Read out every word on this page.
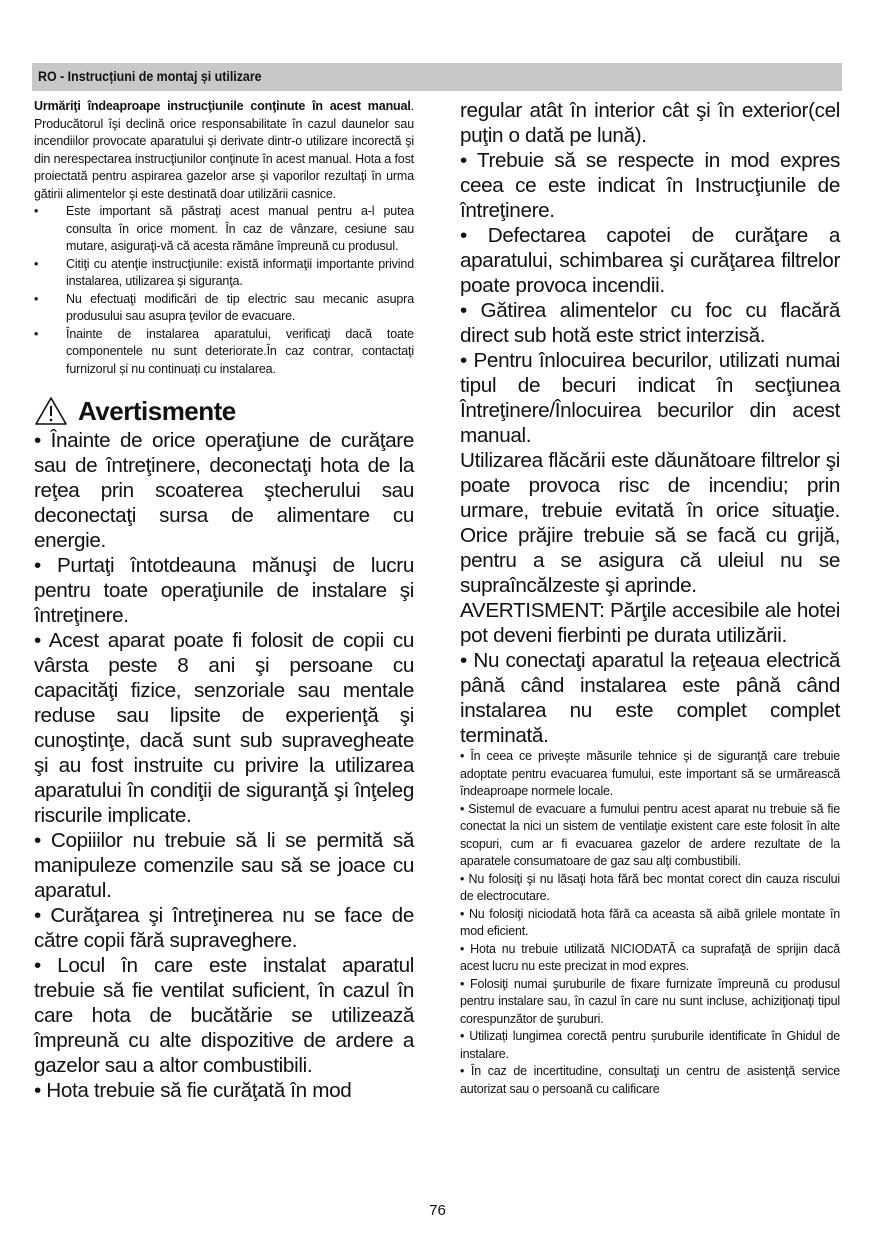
RO - Instrucțiuni de montaj și utilizare

Urmăriţi îndeaproape instrucţiunile conţinute în acest manual. Producătorul îşi declină orice responsabilitate în cazul daunelor sau incendiilor provocate aparatului şi derivate dintr-o utilizare incorectă şi din nerespectarea instrucţiunilor conţinute în acest manual. Hota a fost proiectată pentru aspirarea gazelor arse şi vaporilor rezultaţi în urma gătirii alimentelor şi este destinată doar utilizării casnice.

• Este important să păstraţi acest manual pentru a-l putea consulta în orice moment. În caz de vânzare, cesiune sau mutare, asiguraţi-vă că acesta rămâne împreună cu produsul.
• Citiţi cu atenţie instrucţiunile: există informaţii importante privind instalarea, utilizarea şi siguranţa.
• Nu efectuaţi modificări de tip electric sau mecanic asupra produsului sau asupra ţevilor de evacuare.
• Înainte de instalarea aparatului, verificaţi dacă toate componentele nu sunt deteriorate.În caz contrar, contactaţi furnizorul și nu continuați cu instalarea.
Avertismente

• Înainte de orice operaţiune de curăţare sau de întreţinere, deconectaţi hota de la reţea prin scoaterea ştecherului sau deconectaţi sursa de alimentare cu energie.

• Purtaţi întotdeauna mănuşi de lucru pentru toate operaţiunile de instalare şi întreţinere.

• Acest aparat poate fi folosit de copii cu vârsta peste 8 ani şi persoane cu capacităţi fizice, senzoriale sau mentale reduse sau lipsite de experienţă şi cunoştinţe, dacă sunt sub supravegheate şi au fost instruite cu privire la utilizarea aparatului în condiţii de siguranţă şi înţeleg riscurile implicate.

• Copiiilor nu trebuie să li se permită să manipuleze comenzile sau să se joace cu aparatul.

• Curăţarea şi întreţinerea nu se face de către copii fără supraveghere.

• Locul în care este instalat aparatul trebuie să fie ventilat suficient, în cazul în care hota de bucătărie se utilizează împreună cu alte dispozitive de ardere a gazelor sau a altor combustibili.

• Hota trebuie să fie curăţată în mod

regular atât în interior cât şi în exterior(cel puţin o dată pe lună).

• Trebuie să se respecte in mod expres ceea ce este indicat în Instrucţiunile de întreţinere.

• Defectarea capotei de curăţare a aparatului, schimbarea şi curăţarea filtrelor poate provoca incendii.

• Gătirea alimentelor cu foc cu flacără direct sub hotă este strict interzisă.

• Pentru înlocuirea becurilor, utilizati numai tipul de becuri indicat în secţiunea Întreţinere/Înlocuirea becurilor din acest manual.

Utilizarea flăcării este dăunătoare filtrelor şi poate provoca risc de incendiu; prin urmare, trebuie evitată în orice situaţie. Orice prăjire trebuie să se facă cu grijă, pentru a se asigura că uleiul nu se supraîncălzeste şi aprinde.

AVERTISMENT: Părţile accesibile ale hotei pot deveni fierbinti pe durata utilizării.

• Nu conectaţi aparatul la reţeaua electrică până când instalarea este până când instalarea nu este complet complet terminată.

• În ceea ce priveşte măsurile tehnice şi de siguranţă care trebuie adoptate pentru evacuarea fumului, este important să se urmărească îndeaproape normele locale.

• Sistemul de evacuare a fumului pentru acest aparat nu trebuie să fie conectat la nici un sistem de ventilaţie existent care este folosit în alte scopuri, cum ar fi evacuarea gazelor de ardere rezultate de la aparatele consumatoare de gaz sau alţi combustibili.

• Nu folosiţi şi nu lăsaţi hota fără bec montat corect din cauza riscului de electrocutare.

• Nu folosiţi niciodată hota fără ca aceasta să aibă grilele montate în mod eficient.

• Hota nu trebuie utilizată NICIODATĂ ca suprafaţă de sprijin dacă acest lucru nu este precizat in mod expres.

• Folosiţi numai şuruburile de fixare furnizate împreună cu produsul pentru instalare sau, în cazul în care nu sunt incluse, achiziţionaţi tipul corespunzător de şuruburi.

• Utilizați lungimea corectă pentru șuruburile identificate în Ghidul de instalare.

• În caz de incertitudine, consultaţi un centru de asistenţă service autorizat sau o persoană cu calificare

76
